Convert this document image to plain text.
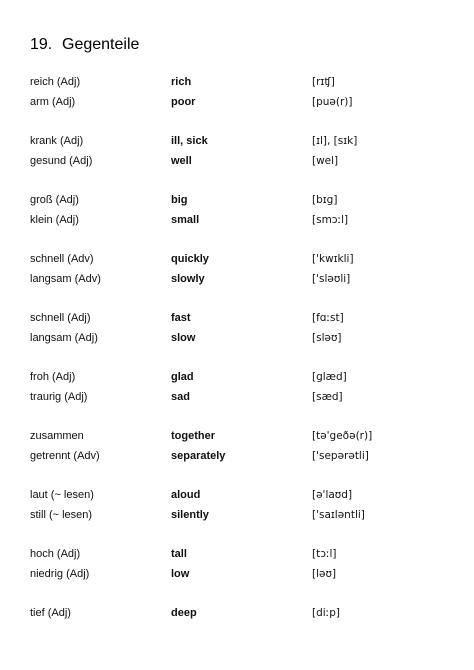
19. Gegenteile
reich (Adj)	rich	[rɪʧ]
arm (Adj)	poor	[puə(r)]
krank (Adj)	ill, sick	[ɪl], [sɪk]
gesund (Adj)	well	[wel]
groß (Adj)	big	[bɪg]
klein (Adj)	small	[smɔːl]
schnell (Adv)	quickly	['kwɪkli]
langsam (Adv)	slowly	['sləʊli]
schnell (Adj)	fast	[fɑːst]
langsam (Adj)	slow	[sləʊ]
froh (Adj)	glad	[glæd]
traurig (Adj)	sad	[sæd]
zusammen	together	[tə'geðə(r)]
getrennt (Adv)	separately	['sepərətli]
laut (~ lesen)	aloud	[ə'laʊd]
still (~ lesen)	silently	['saɪləntli]
hoch (Adj)	tall	[tɔːl]
niedrig (Adj)	low	[ləʊ]
tief (Adj)	deep	[diːp]
